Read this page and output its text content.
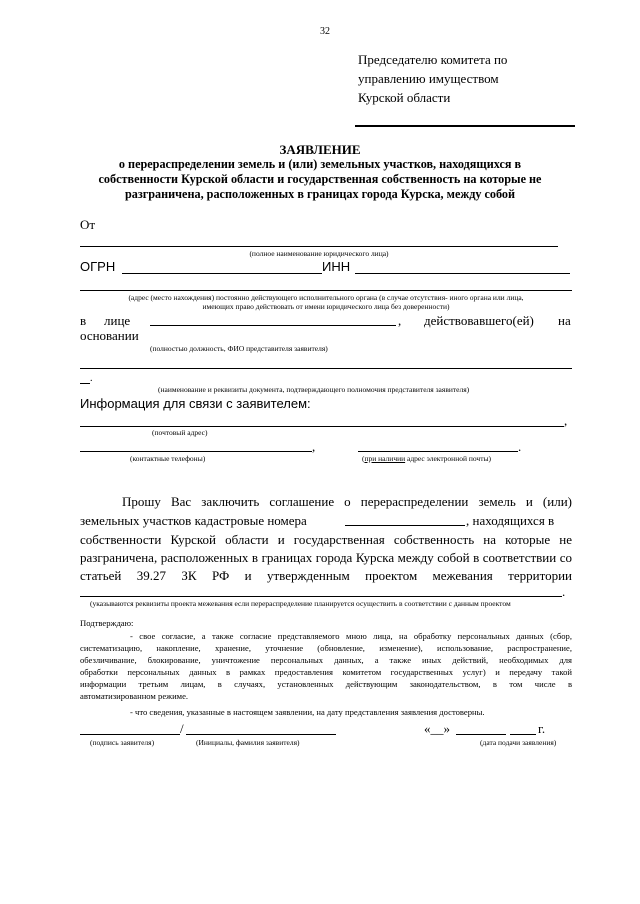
32
Председателю комитета по
управлению имуществом
Курской области
ЗАЯВЛЕНИЕ
о перераспределении земель и (или) земельных участков, находящихся в
собственности Курской области и государственная собственность на которые не
разграничена, расположенных в границах города Курска, между собой
От
(полное наименование юридического лица)
ОГРН	ИНН
(адрес (место нахождения) постоянно действующего исполнительного органа (в случае отсутствия- иного органа или лица,
имеющих право действовать от имени юридического лица без доверенности)
в лице	, действовавшего(ей) на
основании
(полностью должность, ФИО представителя заявителя)
.
(наименование и реквизиты документа, подтверждающего полномочия представителя заявителя)
Информация для связи с заявителем:
,
(почтовый адрес)
,	.
(контактные телефоны)	(при наличии адрес электронной почты)
Прошу Вас заключить соглашение о перераспределении земель и (или)
земельных участков кадастровые номера	, находящихся в
собственности Курской области и государственная собственность на которые не
разграничена, расположенных в границах города Курска между собой в соответствии со
статьей 39.27 ЗК РФ и утвержденным проектом межевания территории
.
(указываются реквизиты проекта межевания если перераспределение планируется осуществить в соответствии с данным проектом
Подтверждаю:
- свое согласие, а также согласие представляемого мною лица, на обработку персональных данных (сбор,
систематизацию, накопление, хранение, уточнение (обновление, изменение), использование, распространение,
обезличивание, блокирование, уничтожение персональных данных, а также иных действий, необходимых для
обработки персональных данных в рамках предоставления комитетом государственных услуг) и передачу такой
информации третьим лицам, в случаях, установленных действующим законодательством, в том числе в
автоматизированном режиме.
- что сведения, указанные в настоящем заявлении, на дату представления заявления достоверны.
/	«__»	г.
(подпись заявителя)	(Инициалы, фамилия заявителя)	(дата подачи заявления)
